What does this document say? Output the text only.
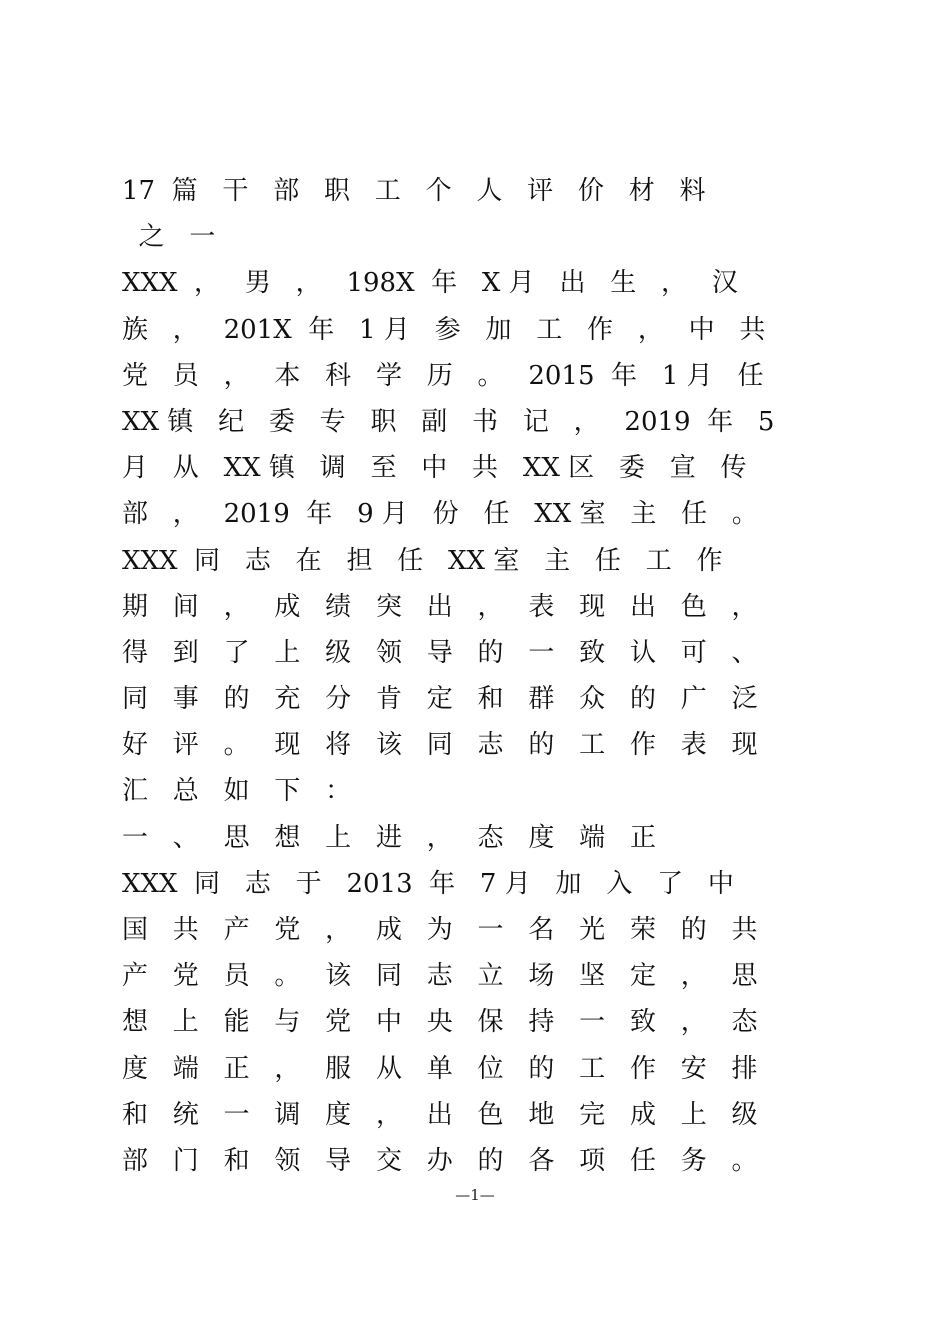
17  篇   干   部   职   工   个   人   评   价   材   料
之   一
XXX  ，   男   ，   198X  年   X 月   出   生   ，   汉
族   ，   201X  年   1 月   参   加   工   作   ，   中   共
党   员   ，   本   科   学   历   。   2015  年   1 月   任
XX 镇   纪   委   专   职   副   书   记   ，   2019  年   5
月   从   XX 镇   调   至   中   共   XX 区   委   宣   传
部   ，   2019  年   9 月   份   任   XX 室   主   任   。
XXX  同   志   在   担   任   XX 室   主   任   工   作
期   间   ，   成   绩   突   出   ，   表   现   出   色   ，
得   到   了   上   级   领   导   的   一   致   认   可   、
同   事   的   充   分   肯   定   和   群   众   的   广   泛
好   评   。   现   将   该   同   志   的   工   作   表   现
汇   总   如   下   ：
一   、   思   想   上   进   ，   态   度   端   正
XXX  同   志   于   2013  年   7 月   加   入   了   中
国   共   产   党   ，   成   为   一   名   光   荣   的   共
产   党   员   。   该   同   志   立   场   坚   定   ，   思
想   上   能   与   党   中   央   保   持   一   致   ，   态
度   端   正   ，   服   从   单   位   的   工   作   安   排
和   统   一   调   度   ，   出   色   地   完   成   上   级
部   门   和   领   导   交   办   的   各   项   任   务   。
—1—
